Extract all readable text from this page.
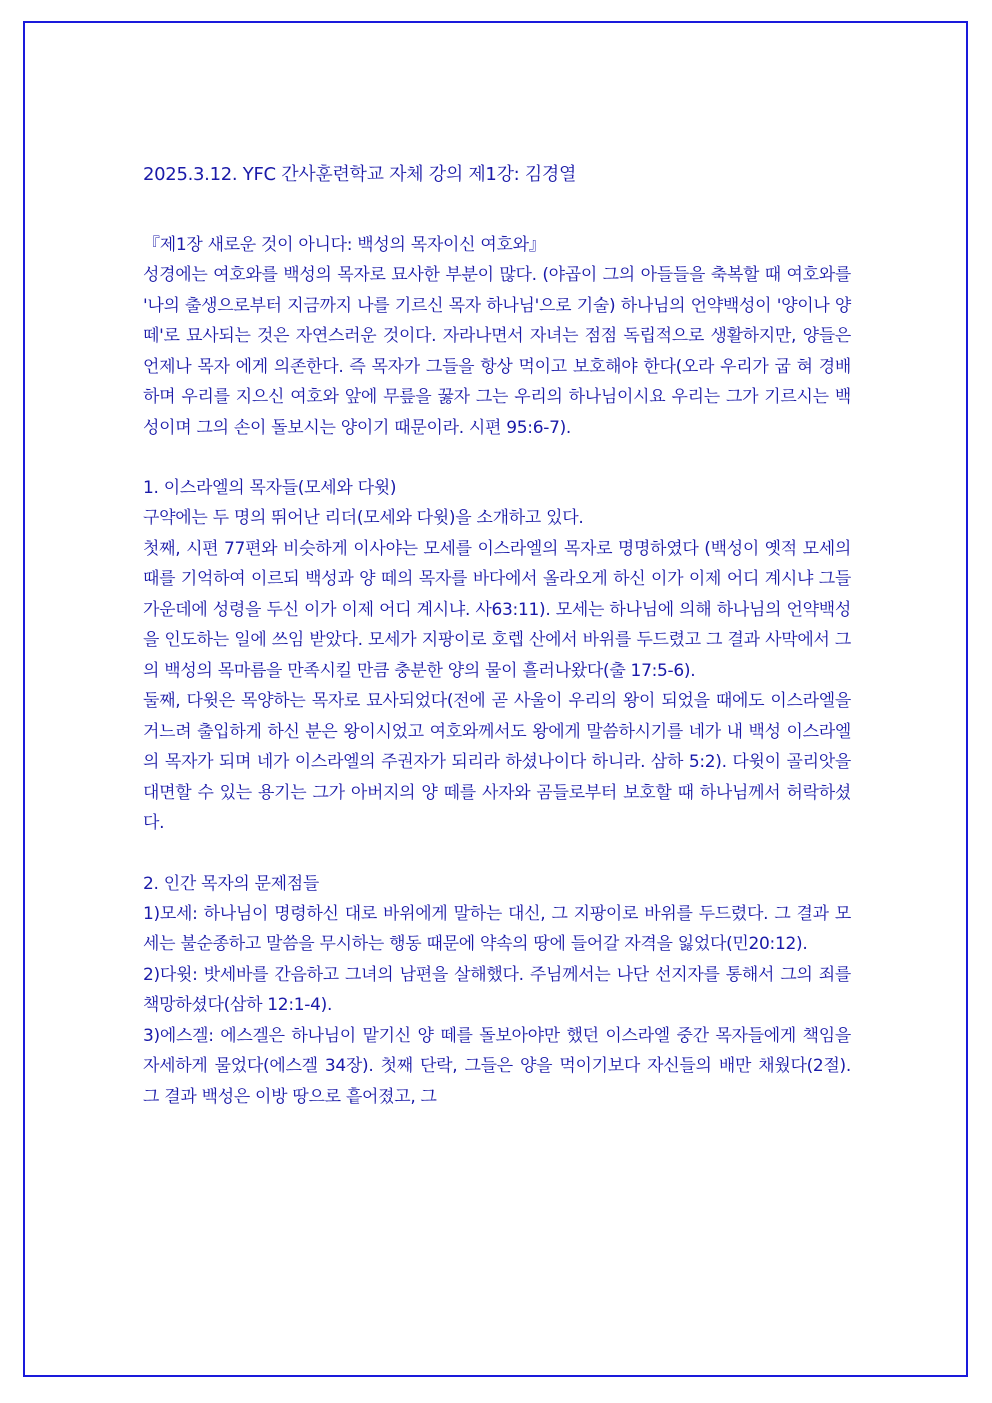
2025.3.12. YFC 간사훈련학교 자체 강의 제1강: 김경열

『제1장 새로운 것이 아니다: 백성의 목자이신 여호와』

성경에는 여호와를 백성의 목자로 묘사한 부분이 많다. (야곱이 그의 아들들을 축복할 때 여호와를 '나의 출생으로부터 지금까지 나를 기르신 목자 하나님'으로 기술) 하나님의 언약백성이 '양이나 양떼'로 묘사되는 것은 자연스러운 것이다. 자라나면서 자녀는 점점 독립적으로 생활하지만, 양들은 언제나 목자 에게 의존한다. 즉 목자가 그들을 항상 먹이고 보호해야 한다(오라 우리가 굽 혀 경배하며 우리를 지으신 여호와 앞에 무릎을 꿇자 그는 우리의 하나님이시요 우리는 그가 기르시는 백성이며 그의 손이 돌보시는 양이기 때문이라. 시편 95:6-7).

1. 이스라엘의 목자들(모세와 다윗)

구약에는 두 명의 뛰어난 리더(모세와 다윗)을 소개하고 있다.

첫째, 시편 77편와 비슷하게 이사야는 모세를 이스라엘의 목자로 명명하였다 (백성이 옛적 모세의 때를 기억하여 이르되 백성과 양 떼의 목자를 바다에서 올라오게 하신 이가 이제 어디 계시냐 그들 가운데에 성령을 두신 이가 이제 어디 계시냐. 사63:11). 모세는 하나님에 의해 하나님의 언약백성을 인도하는 일에 쓰임 받았다. 모세가 지팡이로 호렙 산에서 바위를 두드렸고 그 결과 사막에서 그의 백성의 목마름을 만족시킬 만큼 충분한 양의 물이 흘러나왔다(출 17:5-6).

둘째, 다윗은 목양하는 목자로 묘사되었다(전에 곧 사울이 우리의 왕이 되었을 때에도 이스라엘을 거느려 출입하게 하신 분은 왕이시었고 여호와께서도 왕에게 말씀하시기를 네가 내 백성 이스라엘의 목자가 되며 네가 이스라엘의 주권자가 되리라 하셨나이다 하니라. 삼하 5:2). 다윗이 골리앗을 대면할 수 있는 용기는 그가 아버지의 양 떼를 사자와 곰들로부터 보호할 때 하나님께서 허락하셨다.

2. 인간 목자의 문제점들

1)모세: 하나님이 명령하신 대로 바위에게 말하는 대신, 그 지팡이로 바위를 두드렸다. 그 결과 모세는 불순종하고 말씀을 무시하는 행동 때문에 약속의 땅에 들어갈 자격을 잃었다(민20:12).

2)다윗: 밧세바를 간음하고 그녀의 남편을 살해했다. 주님께서는 나단 선지자를 통해서 그의 죄를 책망하셨다(삼하 12:1-4).

3)에스겔: 에스겔은 하나님이 맡기신 양 떼를 돌보아야만 했던 이스라엘 중간 목자들에게 책임을 자세하게 물었다(에스겔 34장). 첫째 단락, 그들은 양을 먹이기보다 자신들의 배만 채웠다(2절). 그 결과 백성은 이방 땅으로 흩어졌고, 그
